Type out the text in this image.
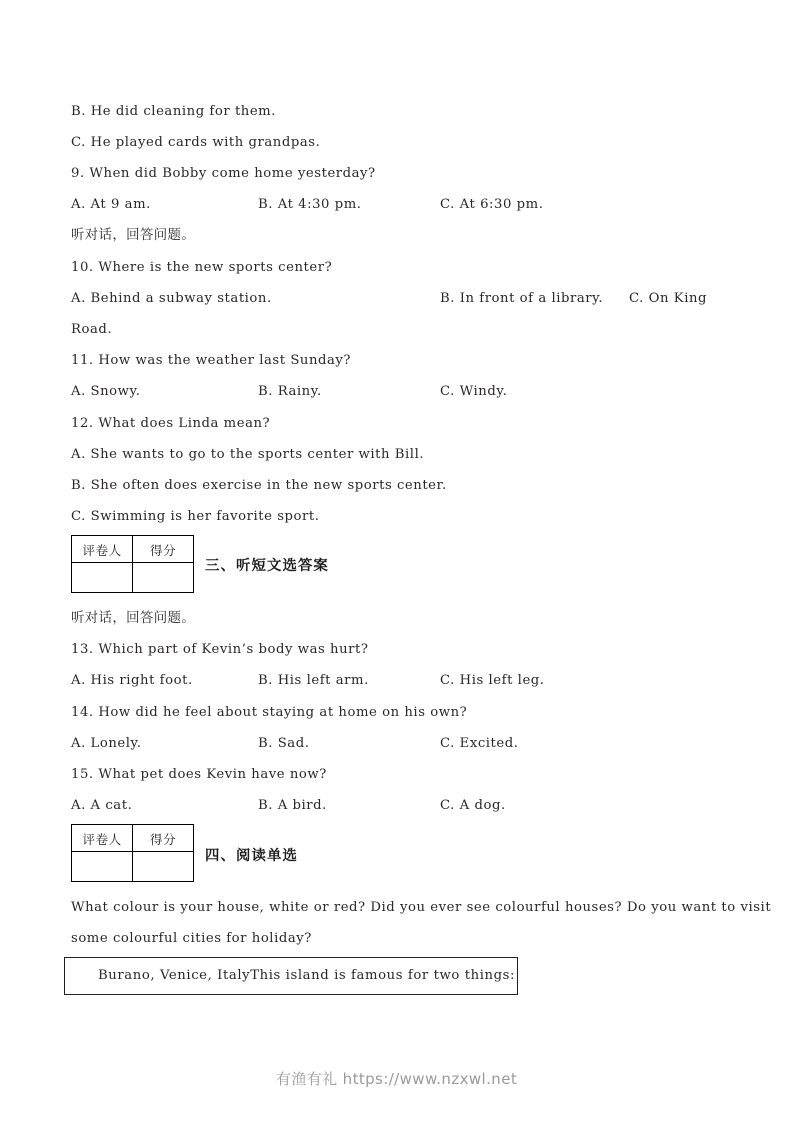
B. He did cleaning for them.
C. He played cards with grandpas.
9. When did Bobby come home yesterday?
A. At 9 am.	B. At 4:30 pm.	C. At 6:30 pm.
听对话，回答问题。
10. Where is the new sports center?
A. Behind a subway station.	B. In front of a library. C. On King
Road.
11. How was the weather last Sunday?
A. Snowy.	B. Rainy.	C. Windy.
12. What does Linda mean?
A. She wants to go to the sports center with Bill.
B. She often does exercise in the new sports center.
C. Swimming is her favorite sport.
评卷人	得分

三、听短文选答案
听对话，回答问题。
13. Which part of Kevin’s body was hurt?
A. His right foot.	B. His left arm.	C. His left leg.
14. How did he feel about staying at home on his own?
A. Lonely.	B. Sad.	C. Excited.
15. What pet does Kevin have now?
A. A cat.	B. A bird.	C. A dog.
评卷人	得分

四、阅读单选
What colour is your house, white or red? Did you ever see colourful houses? Do you want to visit
some colourful cities for holiday?
Burano, Venice, ItalyThis island is famous for two things:
有渔有礼 https://www.nzxwl.net
